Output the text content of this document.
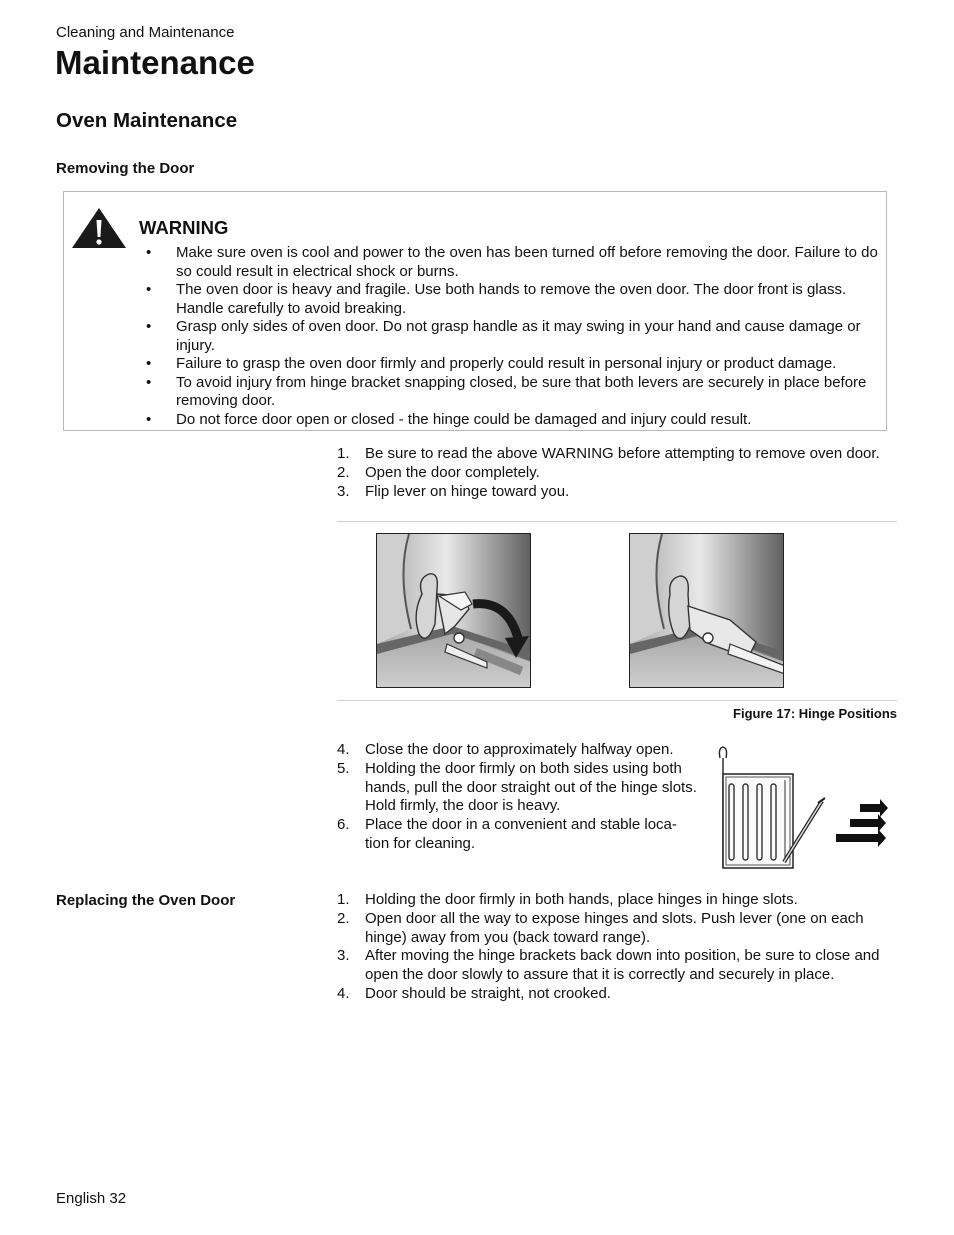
Cleaning and Maintenance
Maintenance
Oven Maintenance
Removing the Door
WARNING
• Make sure oven is cool and power to the oven has been turned off before removing the door. Failure to do so could result in electrical shock or burns.
• The oven door is heavy and fragile. Use both hands to remove the oven door. The door front is glass. Handle carefully to avoid breaking.
• Grasp only sides of oven door. Do not grasp handle as it may swing in your hand and cause damage or injury.
• Failure to grasp the oven door firmly and properly could result in personal injury or product damage.
• To avoid injury from hinge bracket snapping closed, be sure that both levers are securely in place before removing door.
• Do not force door open or closed - the hinge could be damaged and injury could result.
1. Be sure to read the above WARNING before attempting to remove oven door.
2. Open the door completely.
3. Flip lever on hinge toward you.
Figure 17: Hinge Positions
4. Close the door to approximately halfway open.
5. Holding the door firmly on both sides using both hands, pull the door straight out of the hinge slots. Hold firmly, the door is heavy.
6. Place the door in a convenient and stable loca-tion for cleaning.
Replacing the Oven Door	1. Holding the door firmly in both hands, place hinges in hinge slots.
2. Open door all the way to expose hinges and slots. Push lever (one on each hinge) away from you (back toward range).
3. After moving the hinge brackets back down into position, be sure to close and open the door slowly to assure that it is correctly and securely in place.
4. Door should be straight, not crooked.
English 32
